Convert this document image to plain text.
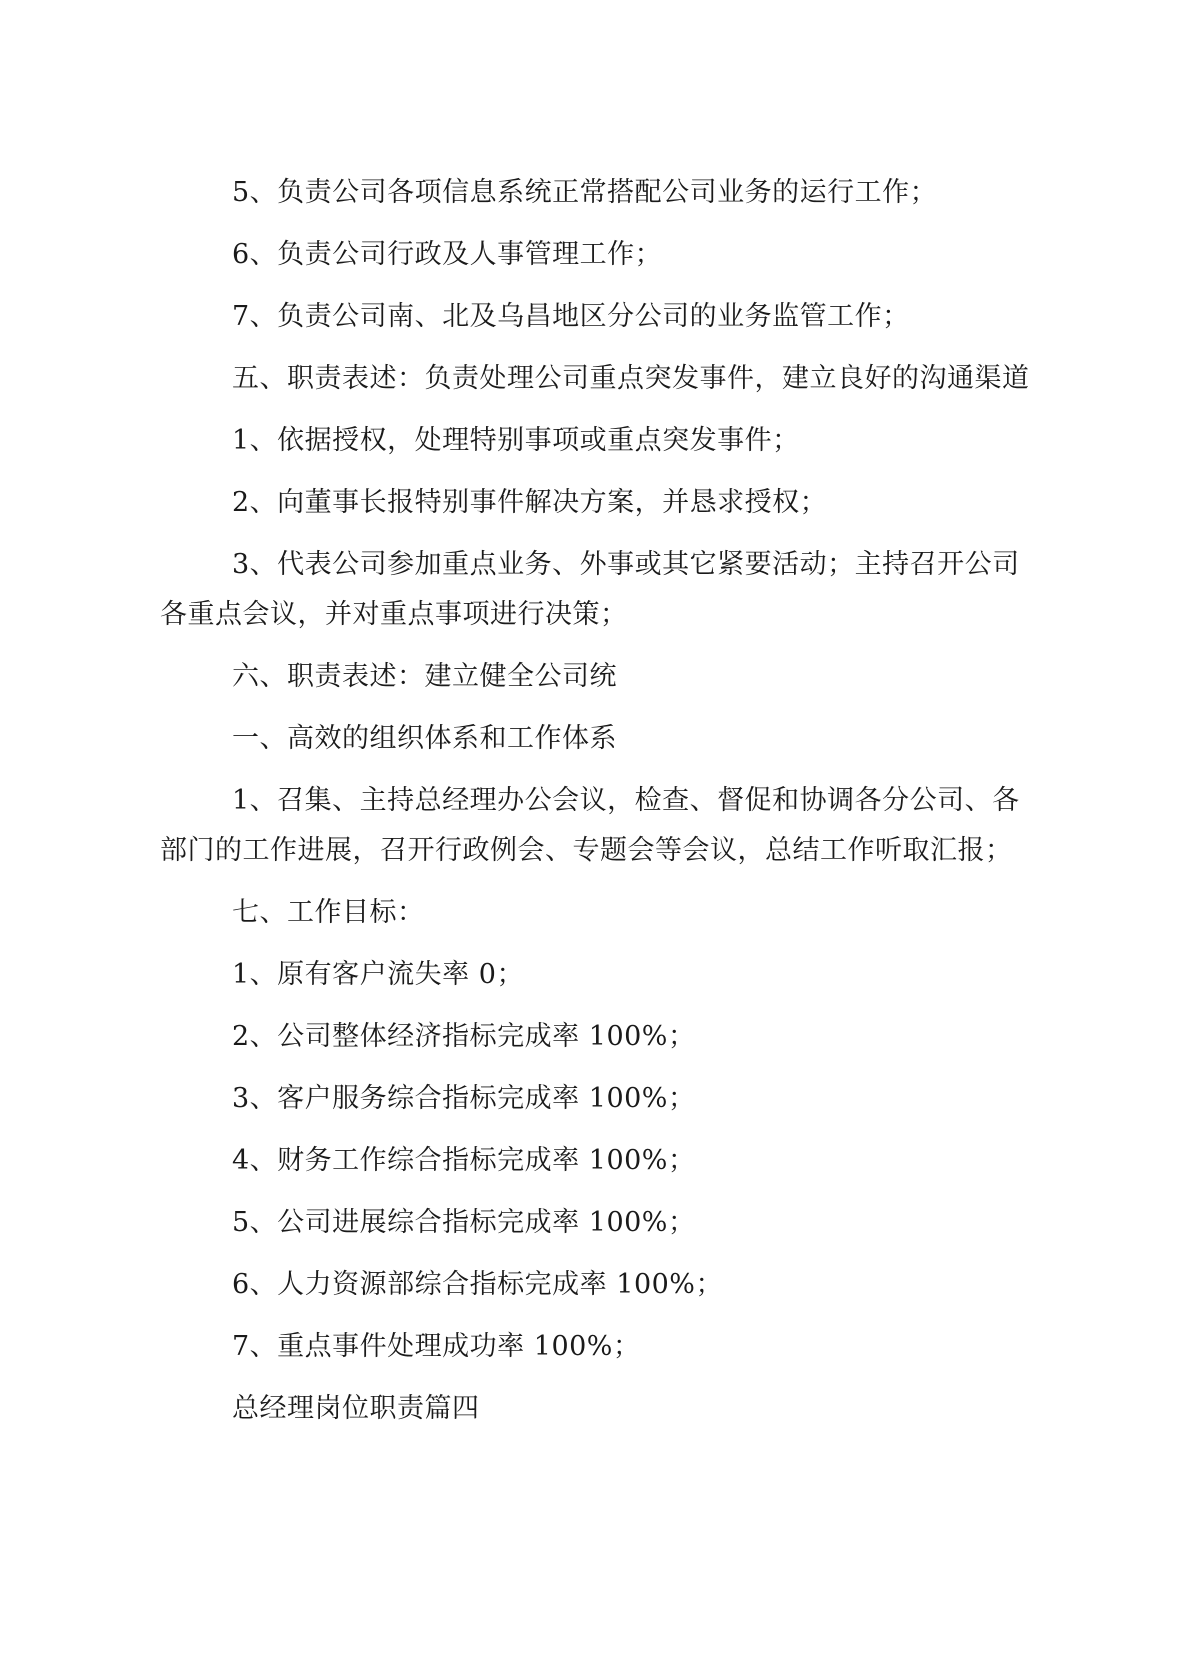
5、负责公司各项信息系统正常搭配公司业务的运行工作；

6、负责公司行政及人事管理工作；

7、负责公司南、北及乌昌地区分公司的业务监管工作；

五、职责表述：负责处理公司重点突发事件，建立良好的沟通渠道

1、依据授权，处理特别事项或重点突发事件；

2、向董事长报特别事件解决方案，并恳求授权；

3、代表公司参加重点业务、外事或其它紧要活动；主持召开公司各重点会议，并对重点事项进行决策；

六、职责表述：建立健全公司统

一、高效的组织体系和工作体系

1、召集、主持总经理办公会议，检查、督促和协调各分公司、各部门的工作进展，召开行政例会、专题会等会议，总结工作听取汇报；

七、工作目标：

1、原有客户流失率 0；

2、公司整体经济指标完成率 100%；

3、客户服务综合指标完成率 100%；

4、财务工作综合指标完成率 100%；

5、公司进展综合指标完成率 100%；

6、人力资源部综合指标完成率 100%；

7、重点事件处理成功率 100%；

总经理岗位职责篇四
